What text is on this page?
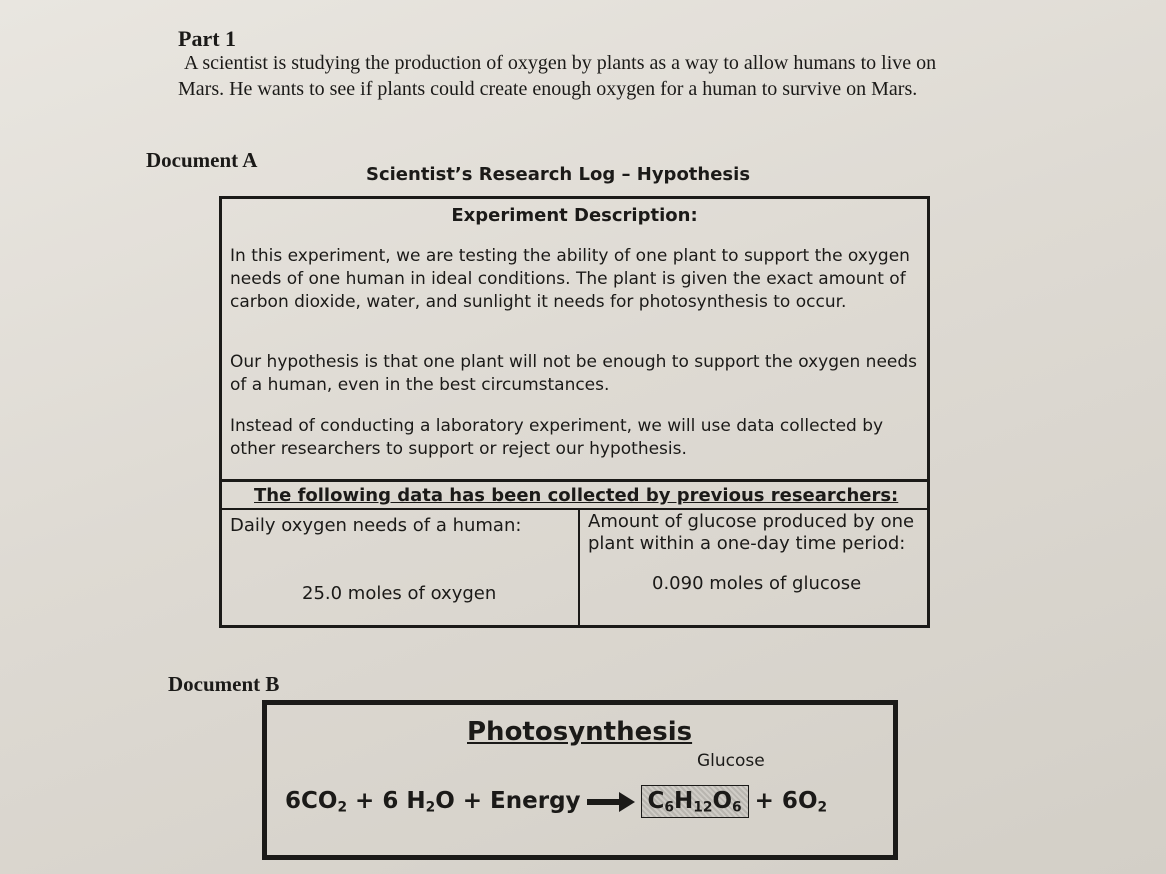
Part 1
A scientist is studying the production of oxygen by plants as a way to allow humans to live on
Mars. He wants to see if plants could create enough oxygen for a human to survive on Mars.
Document A
Scientist’s Research Log – Hypothesis
Experiment Description:
In this experiment, we are testing the ability of one plant to support the oxygen needs of one human in ideal conditions. The plant is given the exact amount of carbon dioxide, water, and sunlight it needs for photosynthesis to occur.
Our hypothesis is that one plant will not be enough to support the oxygen needs of a human, even in the best circumstances.
Instead of conducting a laboratory experiment, we will use data collected by other researchers to support or reject our hypothesis.
The following data has been collected by previous researchers:
Daily oxygen needs of a human:	Amount of glucose produced by one plant within a one-day time period:
25.0 moles of oxygen	0.090 moles of glucose
Document B
Photosynthesis
Glucose
$6CO_2 + 6$ $H_2O$ + Energy	$C_6H_{12}O_6 + 6O_2$
